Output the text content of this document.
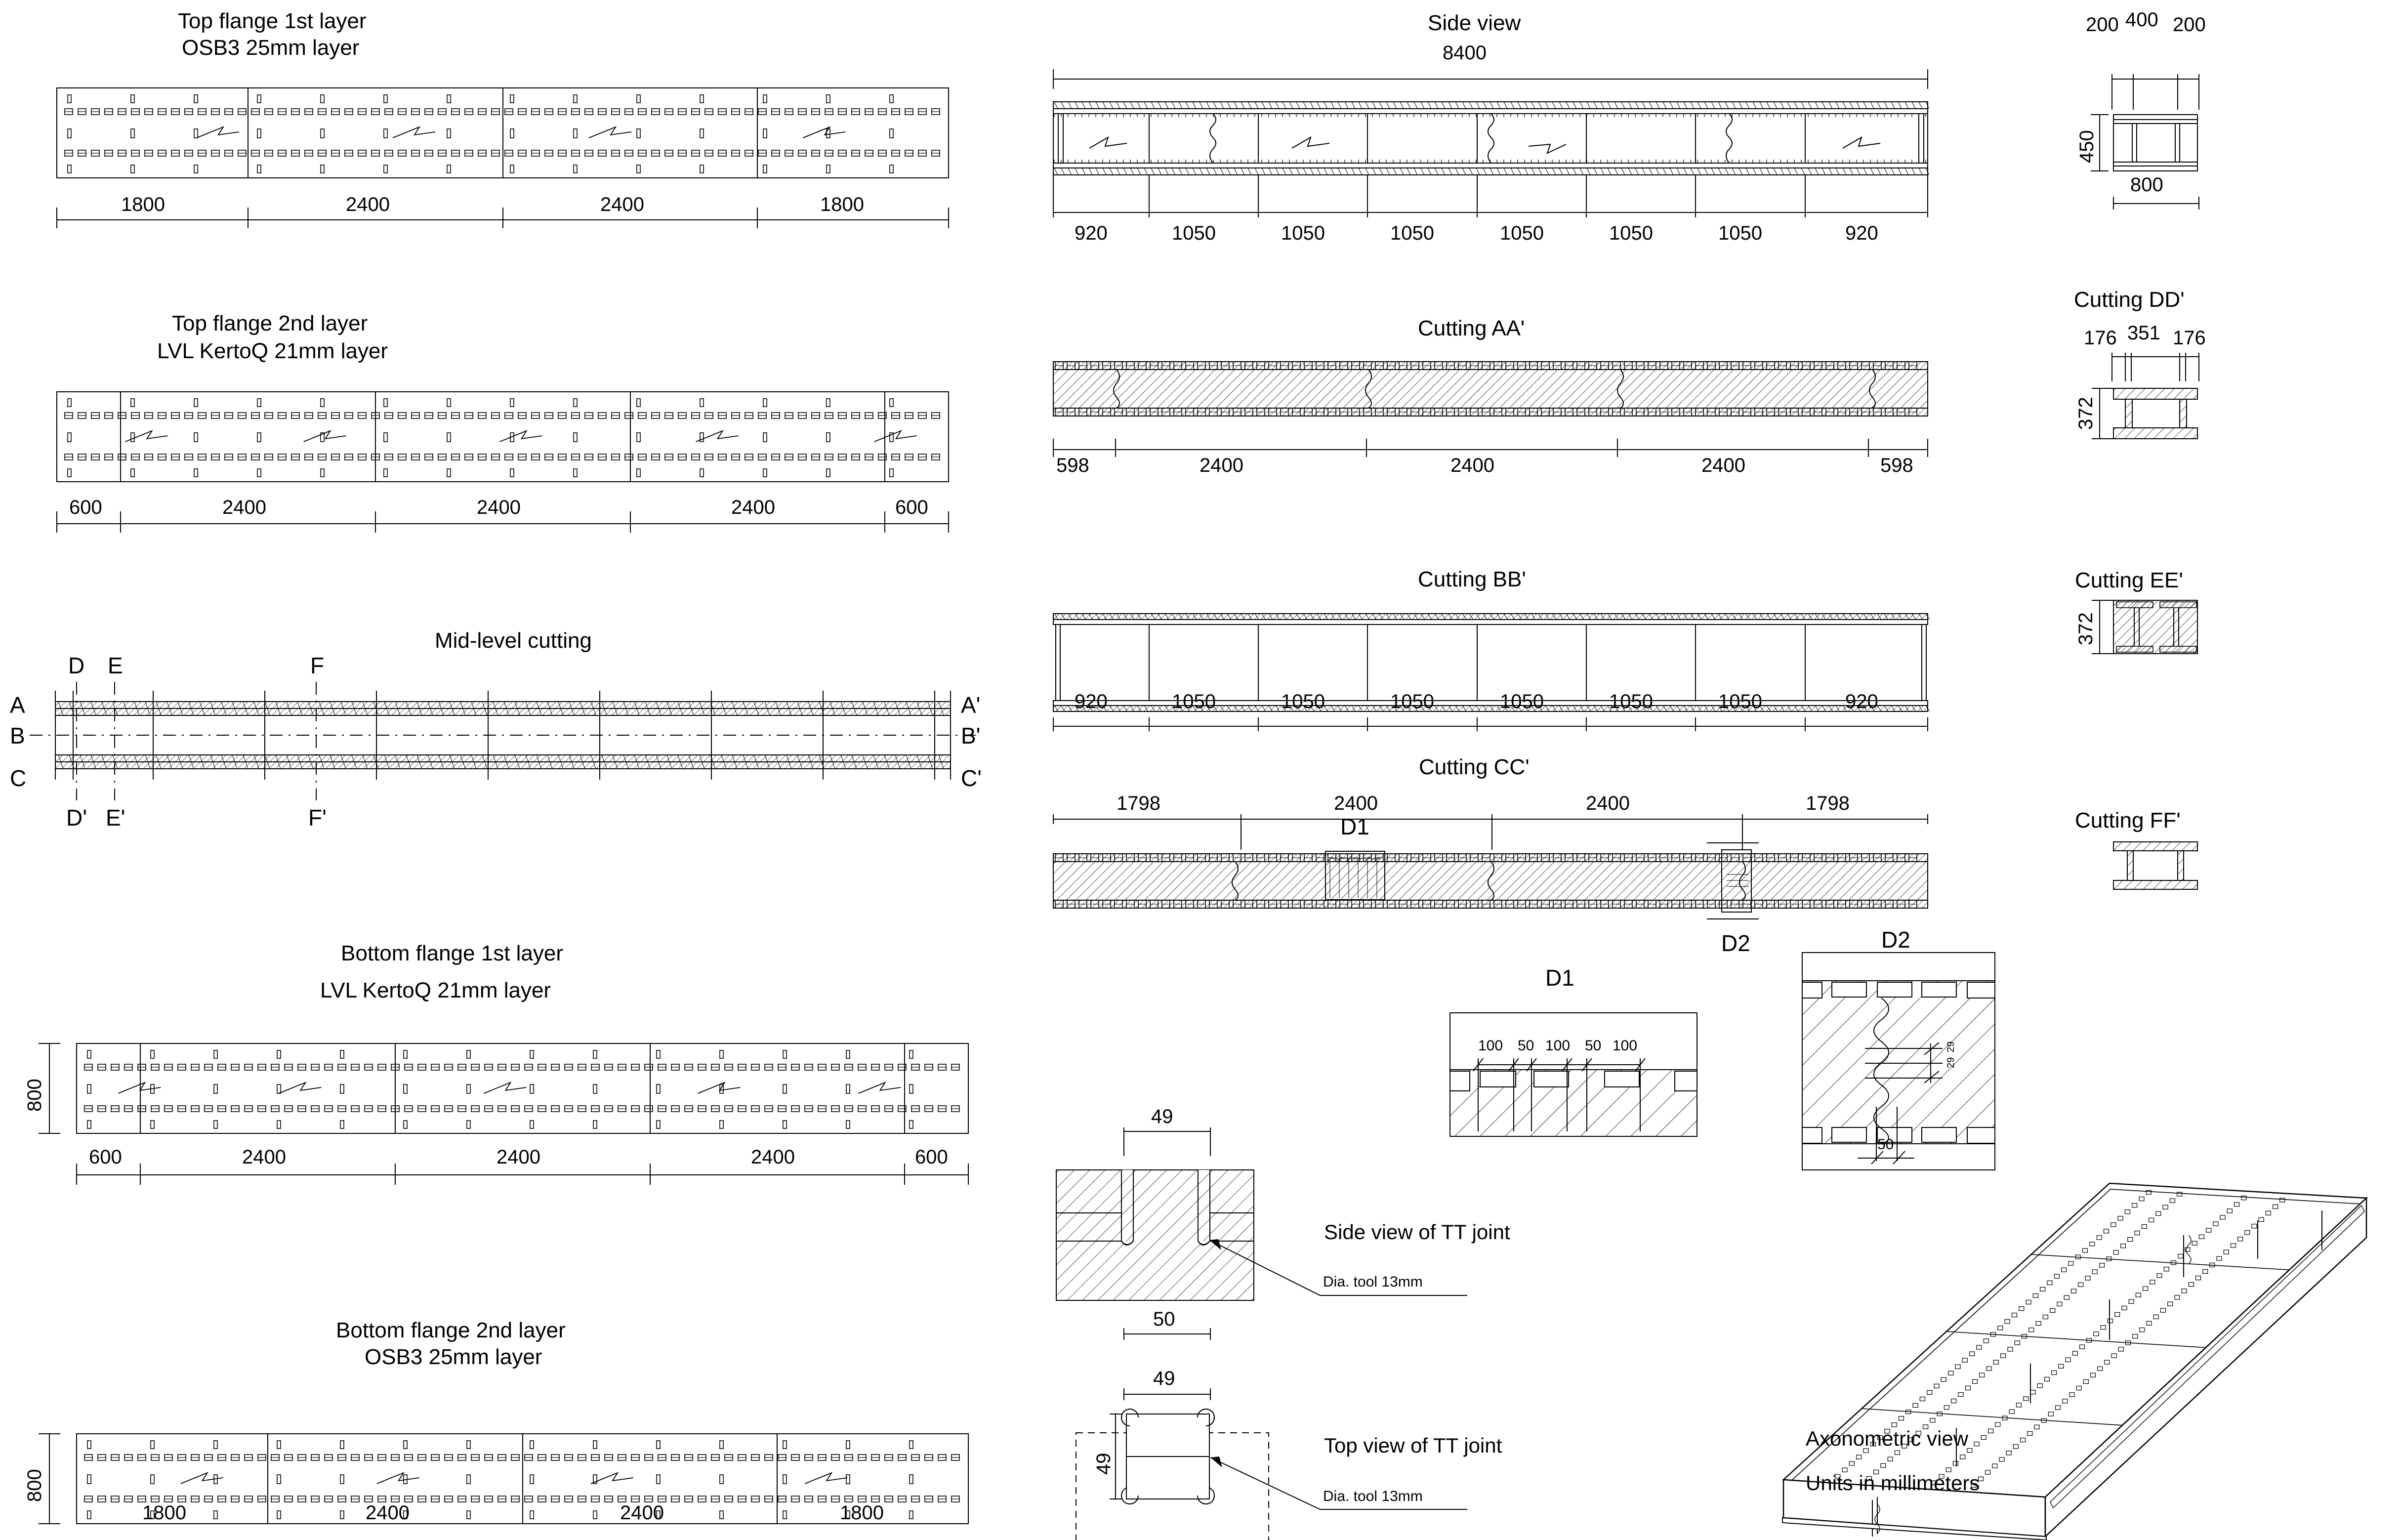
Top flange 1st layer
OSB3 25mm layer
1800	2400	2400	1800
Top flange 2nd layer
LVL KertoQ 21mm layer
600	2400	2400	2400	600
Mid-level cutting
A
B
C
A'
B'
C'
D E	F
D' E'	F'
Bottom flange 1st layer
LVL KertoQ 21mm layer
800
600	2400	2400	2400	600
Bottom flange 2nd layer
OSB3 25mm layer
800
1800	2400	2400	1800
Side view
8400
920	1050	1050	1050	1050	1050	1050	920
Cutting AA'
598	2400	2400	2400	598
Cutting BB'
920	1050	1050	1050	1050	1050	1050	920
Cutting CC'
1798	2400	2400	1798
D1
D2
200 400 200
450
800
Cutting DD'
176 351 176
372
Cutting EE'
372
Cutting FF'
D1
100 50 100 50 100
D2
29
29
50
49
50
Side view of TT joint
Dia. tool 13mm
49
49
Top view of TT joint
Dia. tool 13mm
Axonometric view
Units in millimeters
